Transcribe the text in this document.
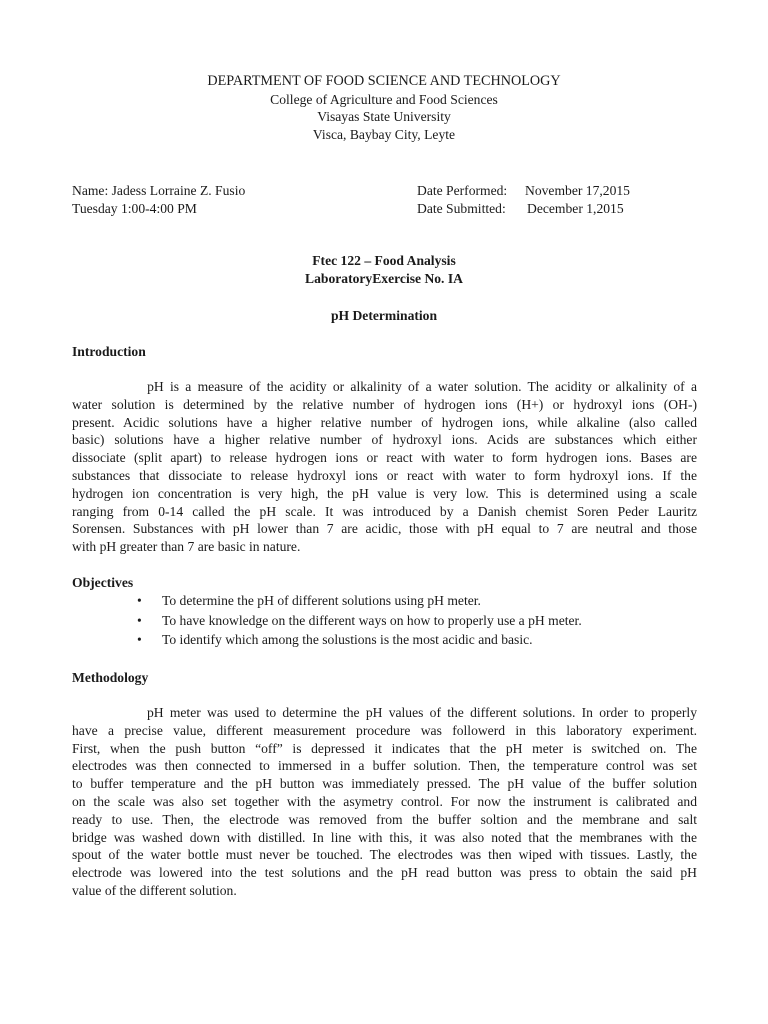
DEPARTMENT OF FOOD SCIENCE AND TECHNOLOGY
College of Agriculture and Food Sciences
Visayas State University
Visca, Baybay City, Leyte
Name: Jadess Lorraine Z. Fusio	Date Performed: November 17,2015
Tuesday 1:00-4:00 PM	Date Submitted: December 1,2015
Ftec 122 – Food Analysis
LaboratoryExercise No. IA
pH Determination
Introduction
pH is a measure of the acidity or alkalinity of a water solution. The acidity or alkalinity of a
water solution is determined by the relative number of hydrogen ions (H+) or hydroxyl ions (OH-)
present. Acidic solutions have a higher relative number of hydrogen ions, while alkaline (also called
basic) solutions have a higher relative number of hydroxyl ions. Acids are substances which either
dissociate (split apart) to release hydrogen ions or react with water to form hydrogen ions. Bases are
substances that dissociate to release hydroxyl ions or react with water to form hydroxyl ions. If the
hydrogen ion concentration is very high, the pH value is very low. This is determined using a scale
ranging from 0-14 called the pH scale. It was introduced by a Danish chemist Soren Peder Lauritz
Sorensen. Substances with pH lower than 7 are acidic, those with pH equal to 7 are neutral and those
with pH greater than 7 are basic in nature.
Objectives
• To determine the pH of different solutions using pH meter.
• To have knowledge on the different ways on how to properly use a pH meter.
• To identify which among the solustions is the most acidic and basic.
Methodology
pH meter was used to determine the pH values of the different solutions. In order to properly
have a precise value, different measurement procedure was followerd in this laboratory experiment.
First, when the push button “off” is depressed it indicates that the pH meter is switched on. The
electrodes was then connected to immersed in a buffer solution. Then, the temperature control was set
to buffer temperature and the pH button was immediately pressed. The pH value of the buffer solution
on the scale was also set together with the asymetry control. For now the instrument is calibrated and
ready to use. Then, the electrode was removed from the buffer soltion and the membrane and salt
bridge was washed down with distilled. In line with this, it was also noted that the membranes with the
spout of the water bottle must never be touched. The electrodes was then wiped with tissues. Lastly, the
electrode was lowered into the test solutions and the pH read button was press to obtain the said pH
value of the different solution.
